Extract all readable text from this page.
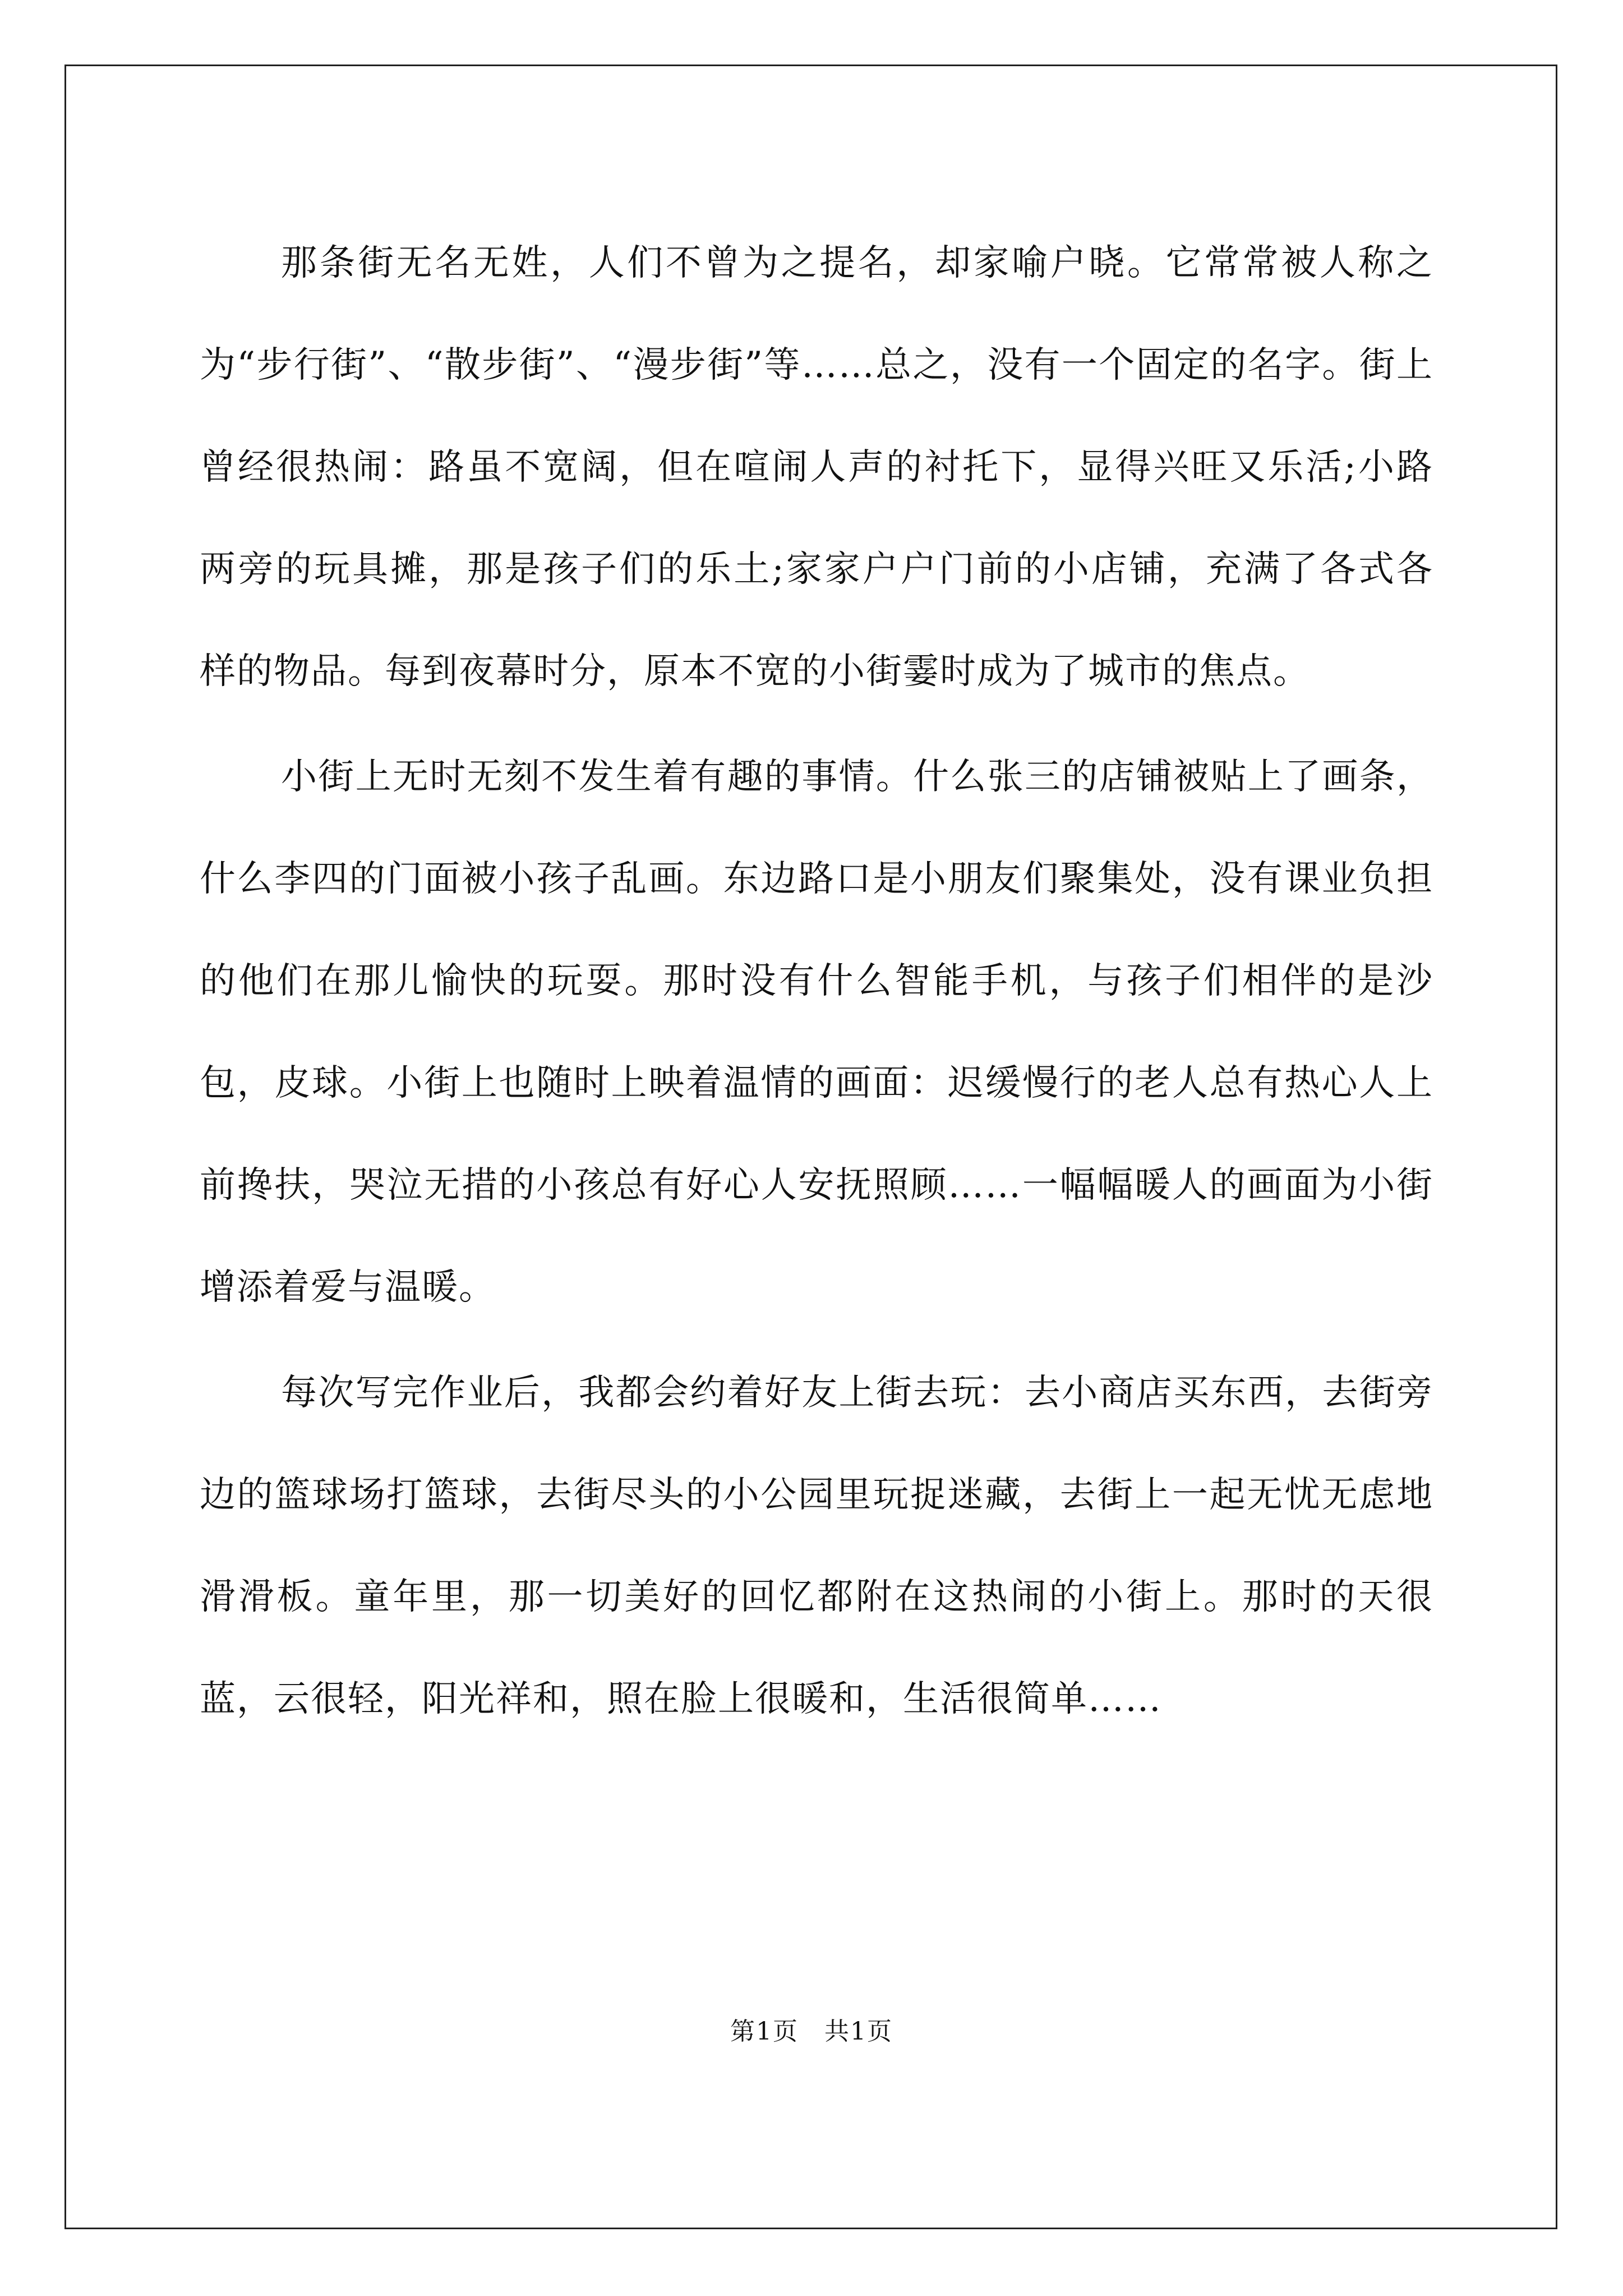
那条街无名无姓，人们不曾为之提名，却家喻户晓。它常常被人称之为“步行街”、“散步街”、“漫步街”等……总之，没有一个固定的名字。街上曾经很热闹：路虽不宽阔，但在喧闹人声的衬托下，显得兴旺又乐活;小路两旁的玩具摊，那是孩子们的乐土;家家户户门前的小店铺，充满了各式各样的物品。每到夜幕时分，原本不宽的小街霎时成为了城市的焦点。

小街上无时无刻不发生着有趣的事情。什么张三的店铺被贴上了画条，什么李四的门面被小孩子乱画。东边路口是小朋友们聚集处，没有课业负担的他们在那儿愉快的玩耍。那时没有什么智能手机，与孩子们相伴的是沙包，皮球。小街上也随时上映着温情的画面：迟缓慢行的老人总有热心人上前搀扶，哭泣无措的小孩总有好心人安抚照顾……一幅幅暖人的画面为小街增添着爱与温暖。

每次写完作业后，我都会约着好友上街去玩：去小商店买东西，去街旁边的篮球场打篮球，去街尽头的小公园里玩捉迷藏，去街上一起无忧无虑地滑滑板。童年里，那一切美好的回忆都附在这热闹的小街上。那时的天很蓝，云很轻，阳光祥和，照在脸上很暖和，生活很简单……

第1页　共1页
